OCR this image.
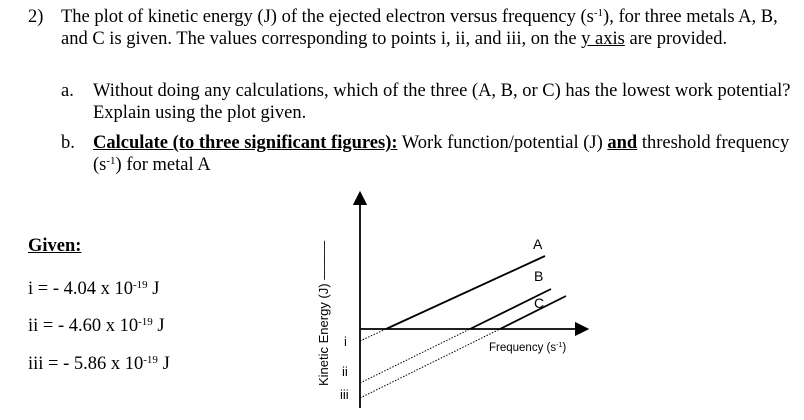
2) The plot of kinetic energy (J) of the ejected electron versus frequency $(s^{-1})$, for three metals A, B, and C is given. The values corresponding to points i, ii, and iii, on the y axis are provided.
a. Without doing any calculations, which of the three (A, B, or C) has the lowest work potential? Explain using the plot given.
b. Calculate (to three significant figures): Work function/potential (J) and threshold frequency $(s^{-1})$ for metal A
Given:
i = - 4.04 x $10^{-19}$ J
ii = - 4.60 x $10^{-19}$ J
iii = - 5.86 x $10^{-19}$ J
A
B
C
i
ii
iii
Kinetic Energy (J) ———	Frequency $(s^{-1})$
